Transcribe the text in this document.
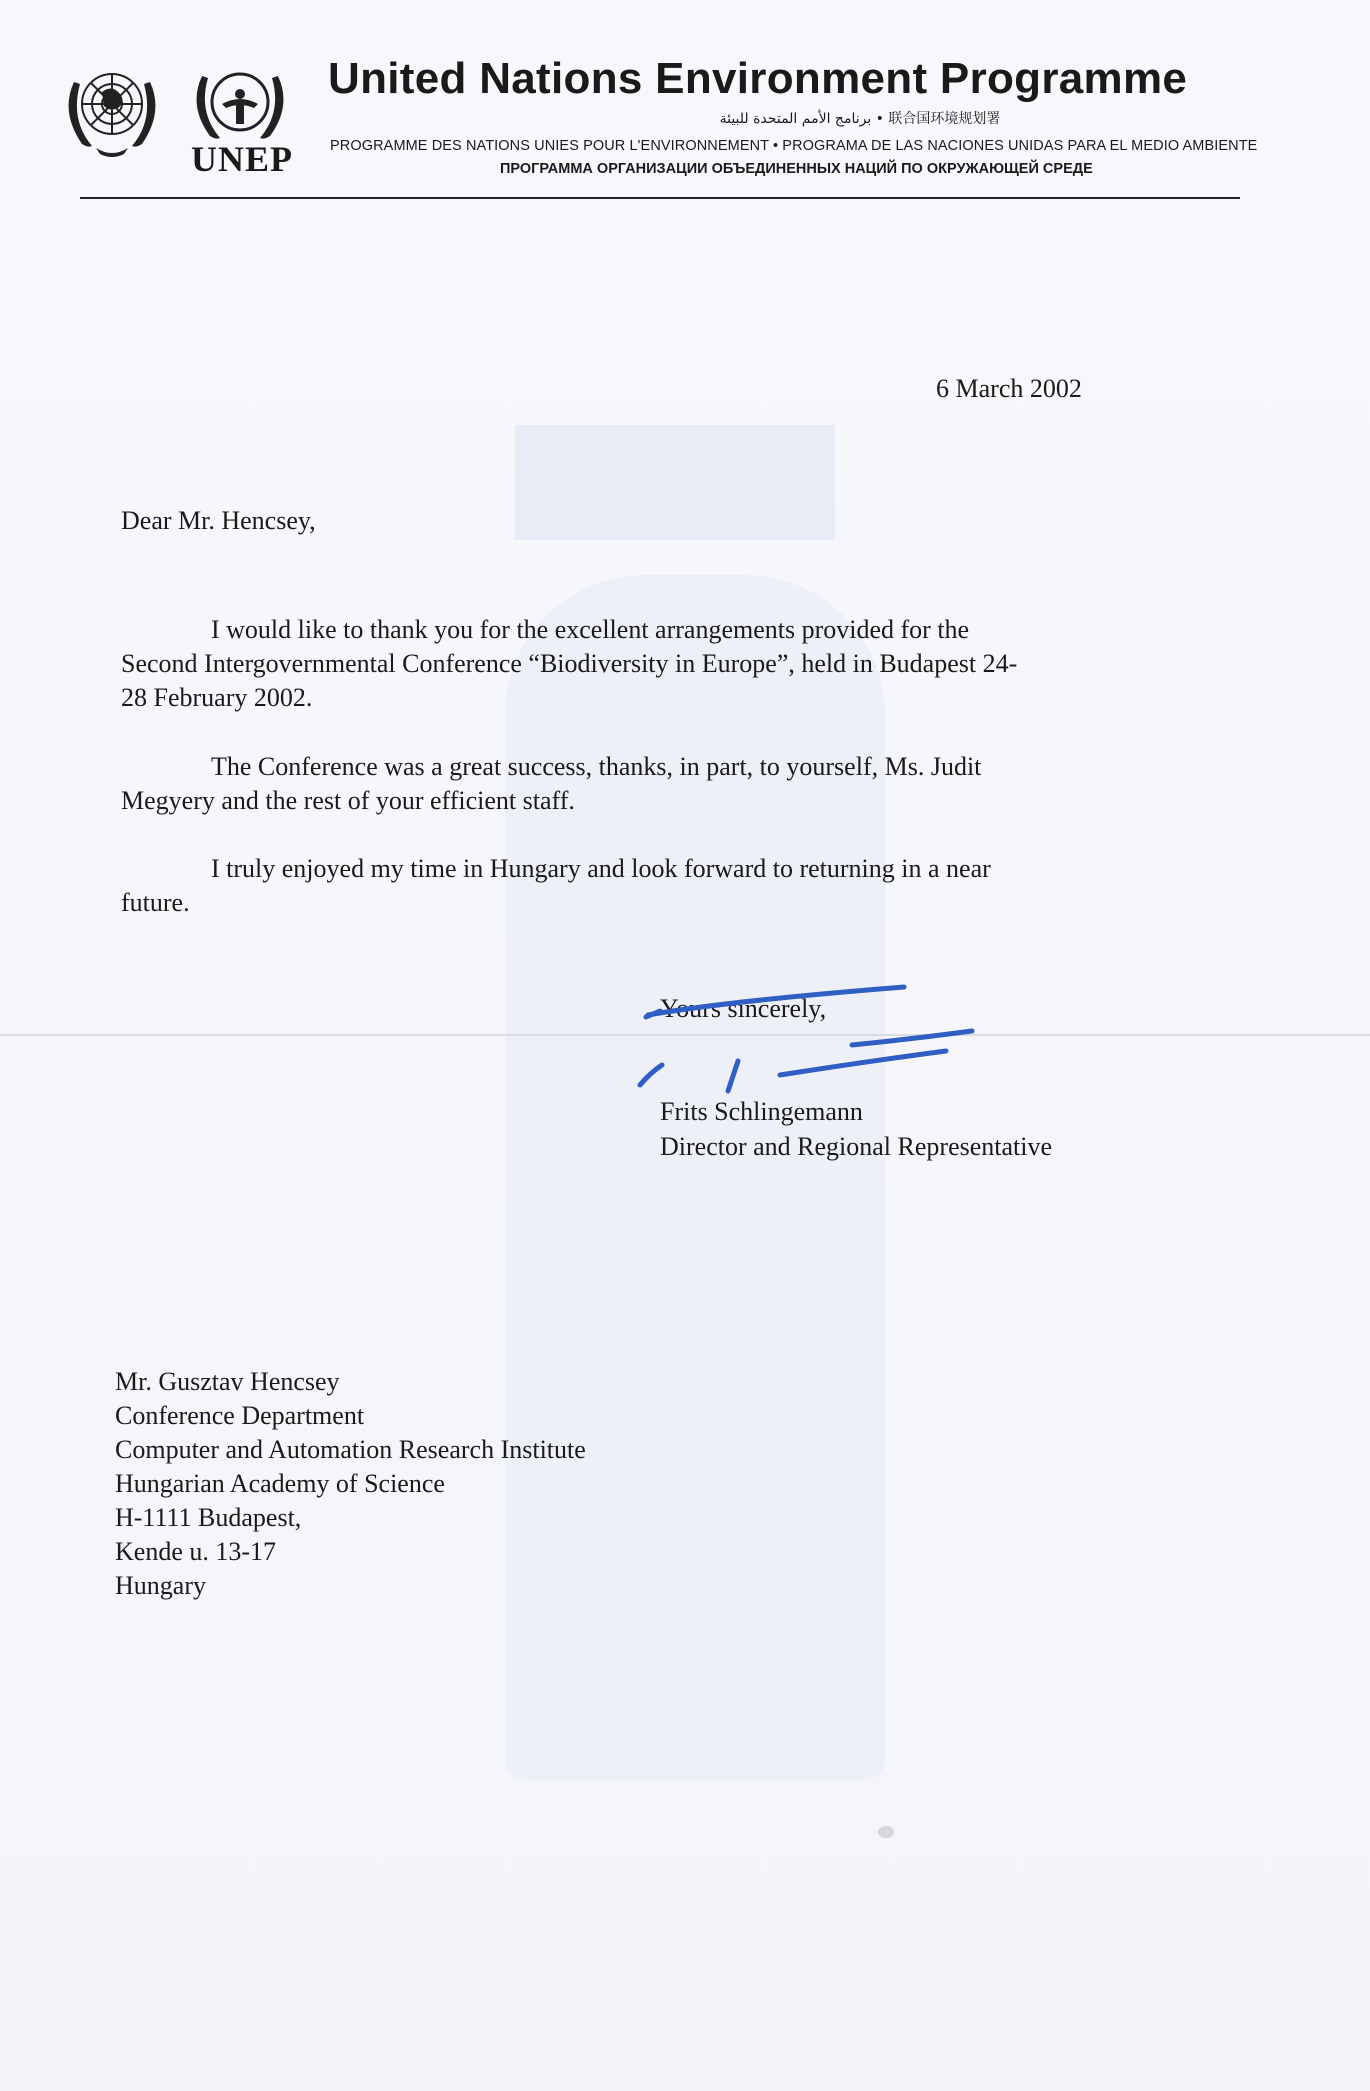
UNEP
United Nations Environment Programme
برنامج الأمم المتحدة للبيئة • 联合国环境规划署
PROGRAMME DES NATIONS UNIES POUR L'ENVIRONNEMENT • PROGRAMA DE LAS NACIONES UNIDAS PARA EL MEDIO AMBIENTE
ПРОГРАММА ОРГАНИЗАЦИИ ОБЪЕДИНЕННЫХ НАЦИЙ ПО ОКРУЖАЮЩЕЙ СРЕДЕ
6 March 2002
Dear Mr. Hencsey,
I would like to thank you for the excellent arrangements provided for the
Second Intergovernmental Conference “Biodiversity in Europe”, held in Budapest 24-
28 February 2002.
The Conference was a great success, thanks, in part, to yourself, Ms. Judit
Megyery and the rest of your efficient staff.
I truly enjoyed my time in Hungary and look forward to returning in a near
future.
Yours sincerely,
Frits Schlingemann
Director and Regional Representative
Mr. Gusztav Hencsey
Conference Department
Computer and Automation Research Institute
Hungarian Academy of Science
H-1111 Budapest,
Kende u. 13-17
Hungary
